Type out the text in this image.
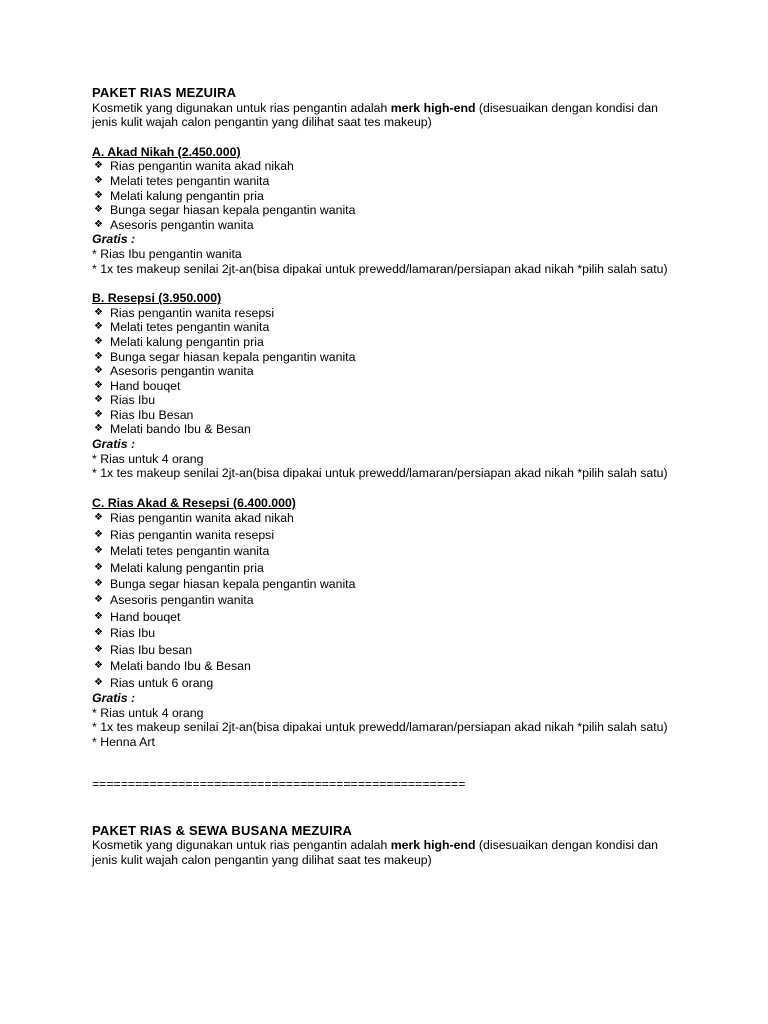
PAKET RIAS MEZUIRA

Kosmetik yang digunakan untuk rias pengantin adalah merk high-end (disesuaikan dengan kondisi dan jenis kulit wajah calon pengantin yang dilihat saat tes makeup)

A. Akad Nikah (2.450.000)
❖ Rias pengantin wanita akad nikah
❖ Melati tetes pengantin wanita
❖ Melati kalung pengantin pria
❖ Bunga segar hiasan kepala pengantin wanita
❖ Asesoris pengantin wanita
Gratis :

* Rias Ibu pengantin wanita

* 1x tes makeup senilai 2jt-an(bisa dipakai untuk prewedd/lamaran/persiapan akad nikah *pilih salah satu)

B. Resepsi (3.950.000)
❖ Rias pengantin wanita resepsi
❖ Melati tetes pengantin wanita
❖ Melati kalung pengantin pria
❖ Bunga segar hiasan kepala pengantin wanita
❖ Asesoris pengantin wanita
❖ Hand bouqet
❖ Rias Ibu
❖ Rias Ibu Besan
❖ Melati bando Ibu & Besan
Gratis :

* Rias untuk 4 orang

* 1x tes makeup senilai 2jt-an(bisa dipakai untuk prewedd/lamaran/persiapan akad nikah *pilih salah satu)

C. Rias Akad & Resepsi (6.400.000)
❖ Rias pengantin wanita akad nikah
❖ Rias pengantin wanita resepsi
❖ Melati tetes pengantin wanita
❖ Melati kalung pengantin pria
❖ Bunga segar hiasan kepala pengantin wanita
❖ Asesoris pengantin wanita
❖ Hand bouqet
❖ Rias Ibu
❖ Rias Ibu besan
❖ Melati bando Ibu & Besan
❖ Rias untuk 6 orang
Gratis :

* Rias untuk 4 orang

* 1x tes makeup senilai 2jt-an(bisa dipakai untuk prewedd/lamaran/persiapan akad nikah *pilih salah satu)

* Henna Art

====================================================
PAKET RIAS & SEWA BUSANA MEZUIRA

Kosmetik yang digunakan untuk rias pengantin adalah merk high-end (disesuaikan dengan kondisi dan jenis kulit wajah calon pengantin yang dilihat saat tes makeup)
